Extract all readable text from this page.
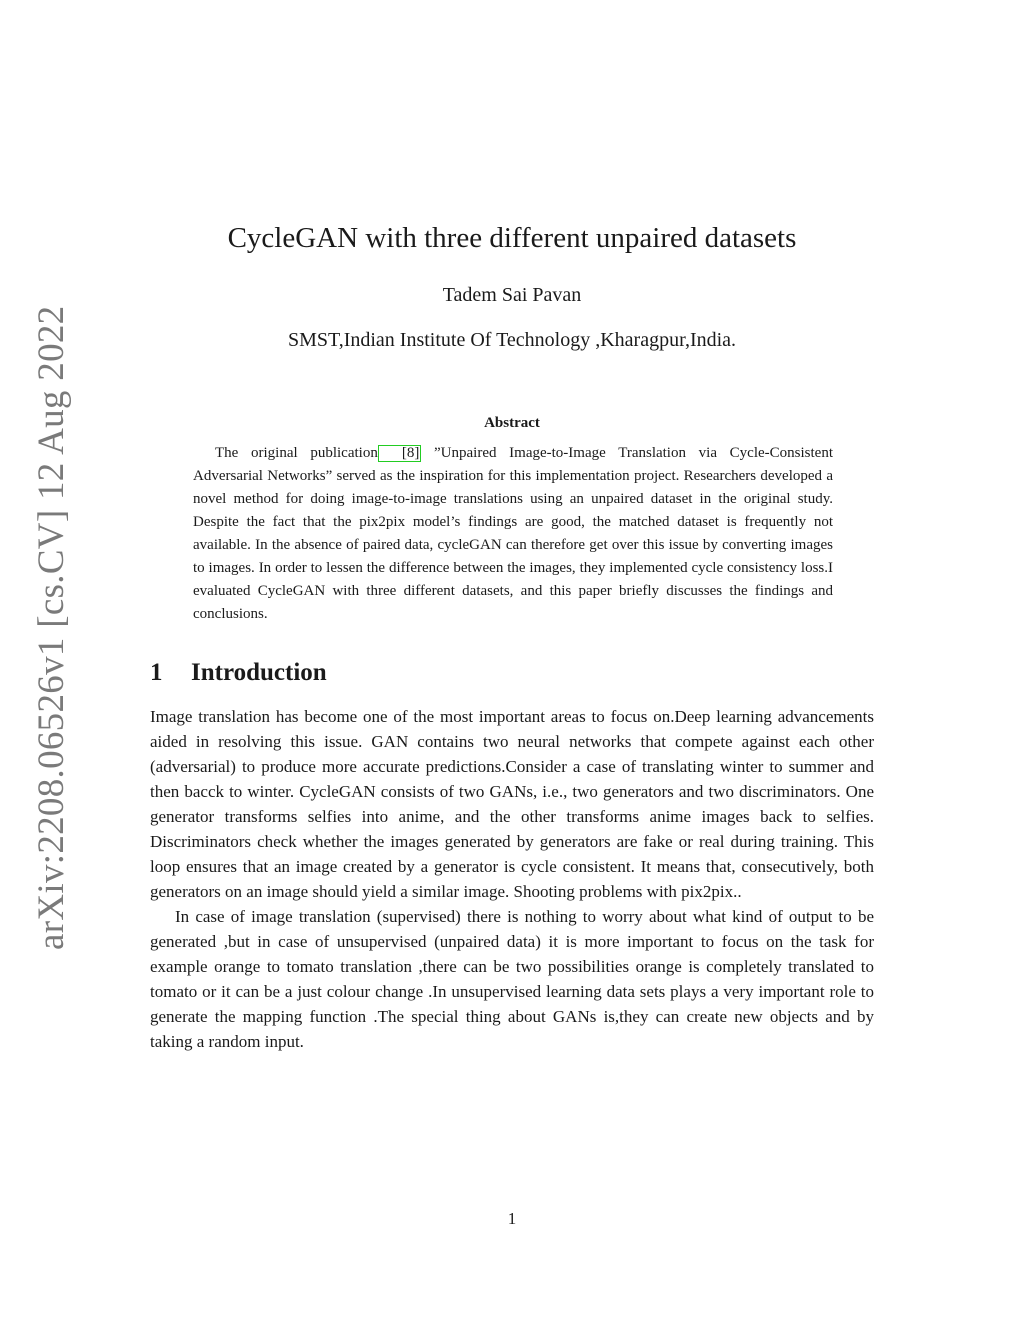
arXiv:2208.06526v1 [cs.CV] 12 Aug 2022
CycleGAN with three different unpaired datasets
Tadem Sai Pavan
SMST,Indian Institute Of Technology ,Kharagpur,India.
Abstract

The original publication [8] ”Unpaired Image-to-Image Translation via Cycle-Consistent Adversarial Networks” served as the inspiration for this implementation project. Researchers developed a novel method for doing image-to-image translations using an unpaired dataset in the original study. Despite the fact that the pix2pix model’s findings are good, the matched dataset is frequently not available. In the absence of paired data, cycleGAN can therefore get over this issue by converting images to images. In order to lessen the difference between the images, they implemented cycle consistency loss.I evaluated CycleGAN with three different datasets, and this paper briefly discusses the findings and conclusions.

1 Introduction

Image translation has become one of the most important areas to focus on.Deep learning advancements aided in resolving this issue. GAN contains two neural networks that compete against each other (adversarial) to produce more accurate predictions.Consider a case of translating winter to summer and then bacck to winter. CycleGAN consists of two GANs, i.e., two generators and two discriminators. One generator transforms selfies into anime, and the other transforms anime images back to selfies. Discriminators check whether the images generated by generators are fake or real during training. This loop ensures that an image created by a generator is cycle consistent. It means that, consecutively, both generators on an image should yield a similar image. Shooting problems with pix2pix..

In case of image translation (supervised) there is nothing to worry about what kind of output to be generated ,but in case of unsupervised (unpaired data) it is more important to focus on the task for example orange to tomato translation ,there can be two possibilities orange is completely translated to tomato or it can be a just colour change .In unsupervised learning data sets plays a very important role to generate the mapping function .The special thing about GANs is,they can create new objects and by taking a random input.

1
